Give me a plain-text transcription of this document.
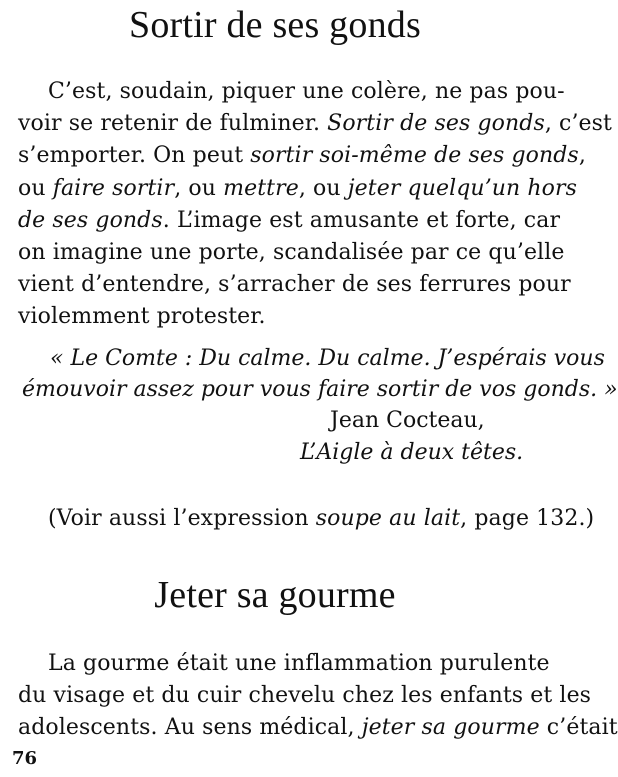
Sortir de ses gonds
C’est, soudain, piquer une colère, ne pas pou-
voir se retenir de fulminer. Sortir de ses gonds, c’est
s’emporter. On peut sortir soi-même de ses gonds,
ou faire sortir, ou mettre, ou jeter quelqu’un hors
de ses gonds. L’image est amusante et forte, car
on imagine une porte, scandalisée par ce qu’elle
vient d’entendre, s’arracher de ses ferrures pour
violemment protester.
« Le Comte : Du calme. Du calme. J’espérais vous
émouvoir assez pour vous faire sortir de vos gonds. »
Jean Cocteau,
L’Aigle à deux têtes.
(Voir aussi l’expression soupe au lait, page 132.)
Jeter sa gourme
La gourme était une inflammation purulente
du visage et du cuir chevelu chez les enfants et les
adolescents. Au sens médical, jeter sa gourme c’était
76
